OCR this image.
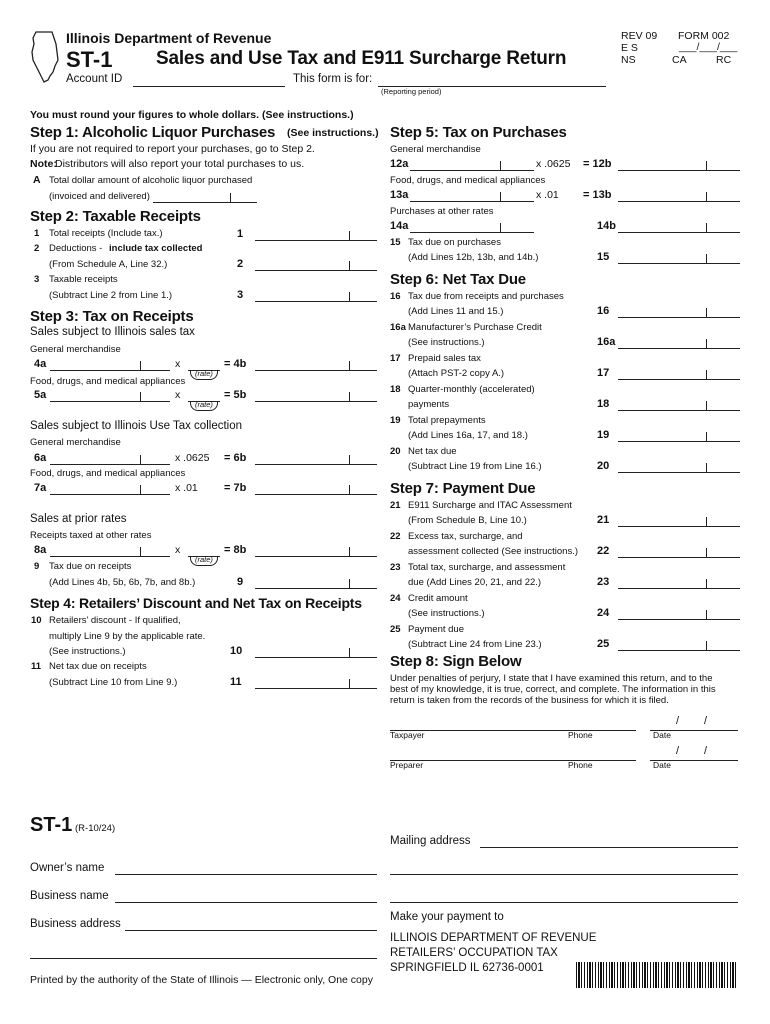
Illinois Department of Revenue
ST-1 Sales and Use Tax and E911 Surcharge Return
REV 09
E S
NS
FORM 002
___/___/___
CA	RC
Account ID	This form is for:
(Reporting period)
You must round your figures to whole dollars. (See instructions.)
Step 1: Alcoholic Liquor Purchases (See instructions.)
If you are not required to report your purchases, go to Step 2.
Note:
Distributors will also report your total purchases to us.
A Total dollar amount of alcoholic liquor purchased
(invoiced and delivered)
Step 2: Taxable Receipts
1 Total receipts (Include tax.)	1
2 Deductions - include tax collected
(From Schedule A, Line 32.)	2
3 Taxable receipts
(Subtract Line 2 from Line 1.)	3
Step 3: Tax on Receipts
Sales subject to Illinois sales tax
General merchandise
4a	x
(rate)
= 4b
Food, drugs, and medical appliances
5a	x
(rate)
= 5b
Sales subject to Illinois Use Tax collection
General merchandise
6a	x .0625 = 6b
Food, drugs, and medical appliances
7a	x .01 = 7b
Sales at prior rates
Receipts taxed at other rates
8a	x
(rate)
= 8b
9 Tax due on receipts
(Add Lines 4b, 5b, 6b, 7b, and 8b.)	9
Step 4: Retailers’ Discount and Net Tax on Receipts
10 Retailers’ discount - If qualified,
multiply Line 9 by the applicable rate.
(See instructions.)	10
11 Net tax due on receipts
(Subtract Line 10 from Line 9.)	11
Step 5: Tax on Purchases
General merchandise
12a	x .0625 = 12b
Food, drugs, and medical appliances
13a	x .01 = 13b
Purchases at other rates
14a	14b
15 Tax due on purchases
(Add Lines 12b, 13b, and 14b.)	15
Step 6: Net Tax Due
16 Tax due from receipts and purchases
(Add Lines 11 and 15.)	16
16a Manufacturer’s Purchase Credit
(See instructions.)	16a
17 Prepaid sales tax
(Attach PST-2 copy A.)	17
18 Quarter-monthly (accelerated)
payments	18
19 Total prepayments
(Add Lines 16a, 17, and 18.)	19
20 Net tax due
(Subtract Line 19 from Line 16.)	20
Step 7: Payment Due
21 E911 Surcharge and ITAC Assessment
(From Schedule B, Line 10.)	21
22 Excess tax, surcharge, and
assessment collected (See instructions.) 22
23 Total tax, surcharge, and assessment
due (Add Lines 20, 21, and 22.)	23
24 Credit amount
(See instructions.)	24
25 Payment due
(Subtract Line 24 from Line 23.)	25
Step 8: Sign Below
Under penalties of perjury, I state that I have examined this return, and to the
best of my knowledge, it is true, correct, and complete. The information in this
return is taken from the records of the business for which it is filed.
/ /
Taxpayer	Phone	Date
/ /
Preparer	Phone	Date
ST-1 (R-10/24)
Mailing address
Owner’s name
Business name
Business address
Make your payment to
ILLINOIS DEPARTMENT OF REVENUE
RETAILERS’ OCCUPATION TAX
SPRINGFIELD IL 62736-0001
Printed by the authority of the State of Illinois — Electronic only, One copy
